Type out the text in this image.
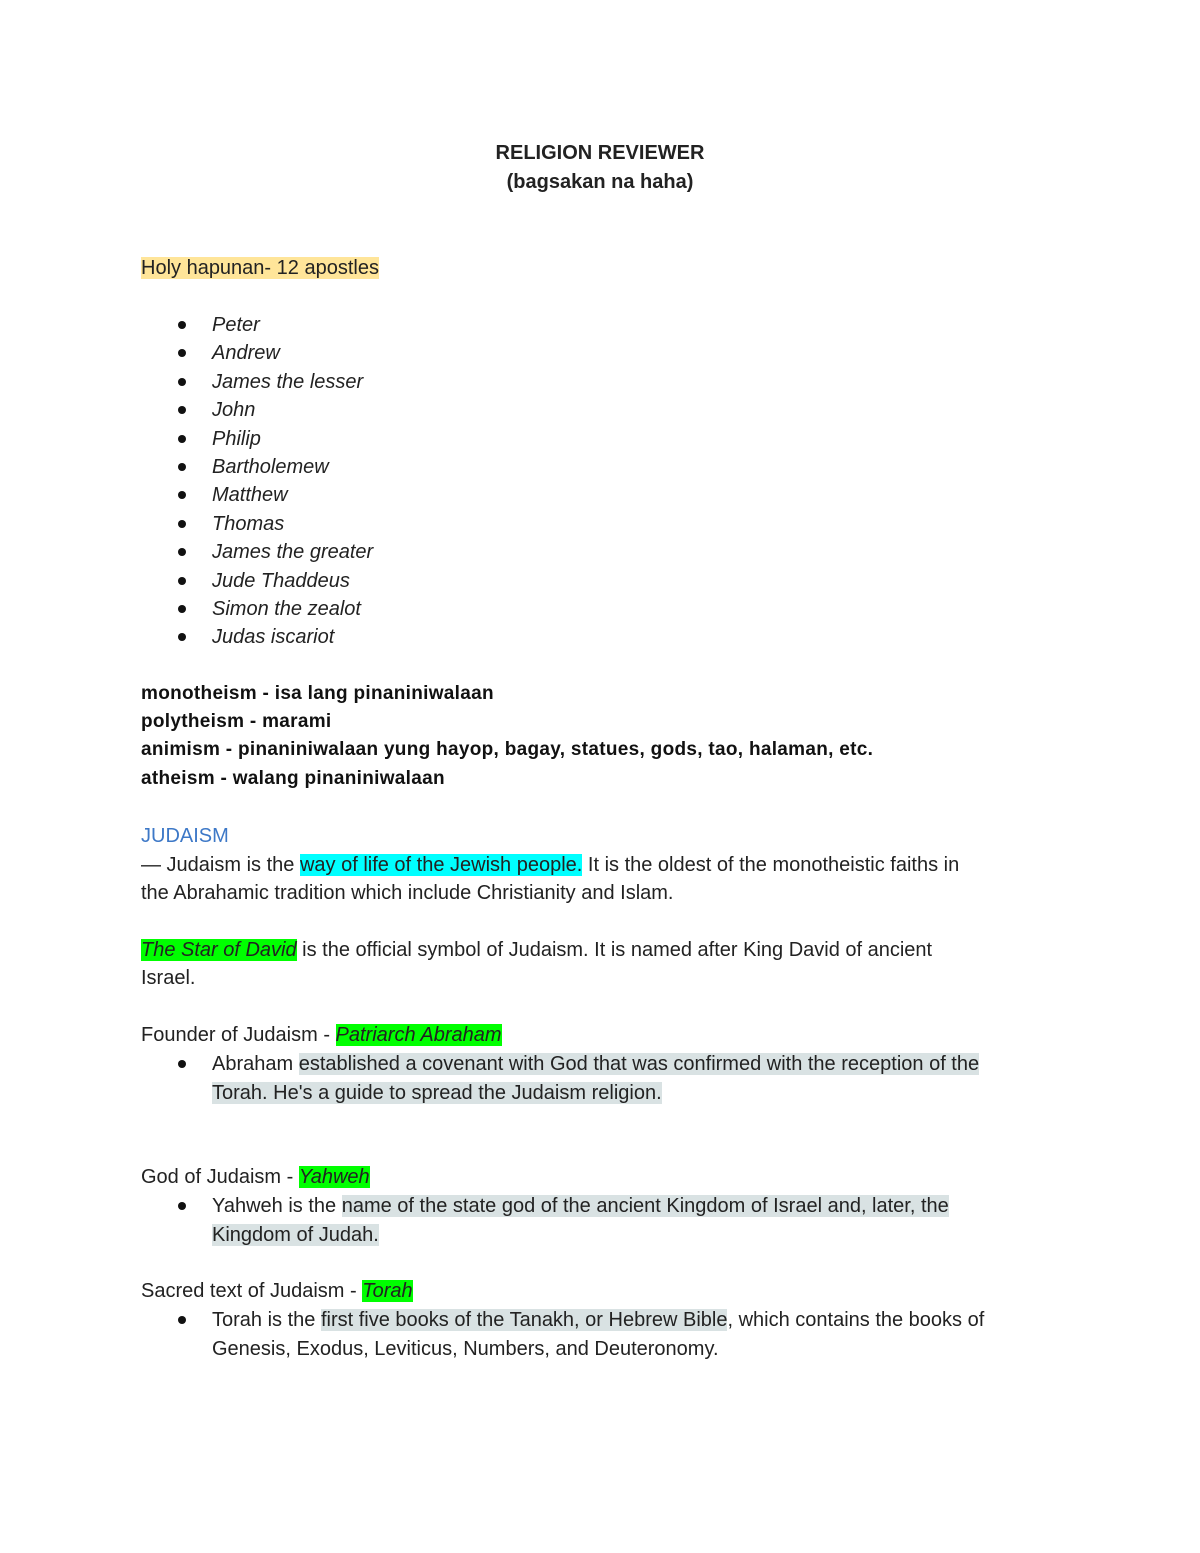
RELIGION REVIEWER
(bagsakan na haha)
Holy hapunan- 12 apostles
Peter
Andrew
James the lesser
John
Philip
Bartholemew
Matthew
Thomas
James the greater
Jude Thaddeus
Simon the zealot
Judas iscariot
monotheism - isa lang pinaniniwalaan
polytheism - marami
animism - pinaniniwalaan yung hayop, bagay, statues, gods, tao, halaman, etc.
atheism - walang pinaniniwalaan
JUDAISM
— Judaism is the way of life of the Jewish people. It is the oldest of the monotheistic faiths in
the Abrahamic tradition which include Christianity and Islam.
The Star of David is the official symbol of Judaism. It is named after King David of ancient
Israel.
Founder of Judaism - Patriarch Abraham
Abraham established a covenant with God that was confirmed with the reception of the
Torah. He's a guide to spread the Judaism religion.
God of Judaism - Yahweh
Yahweh is the name of the state god of the ancient Kingdom of Israel and, later, the
Kingdom of Judah.
Sacred text of Judaism - Torah
Torah is the first five books of the Tanakh, or Hebrew Bible, which contains the books of
Genesis, Exodus, Leviticus, Numbers, and Deuteronomy.
